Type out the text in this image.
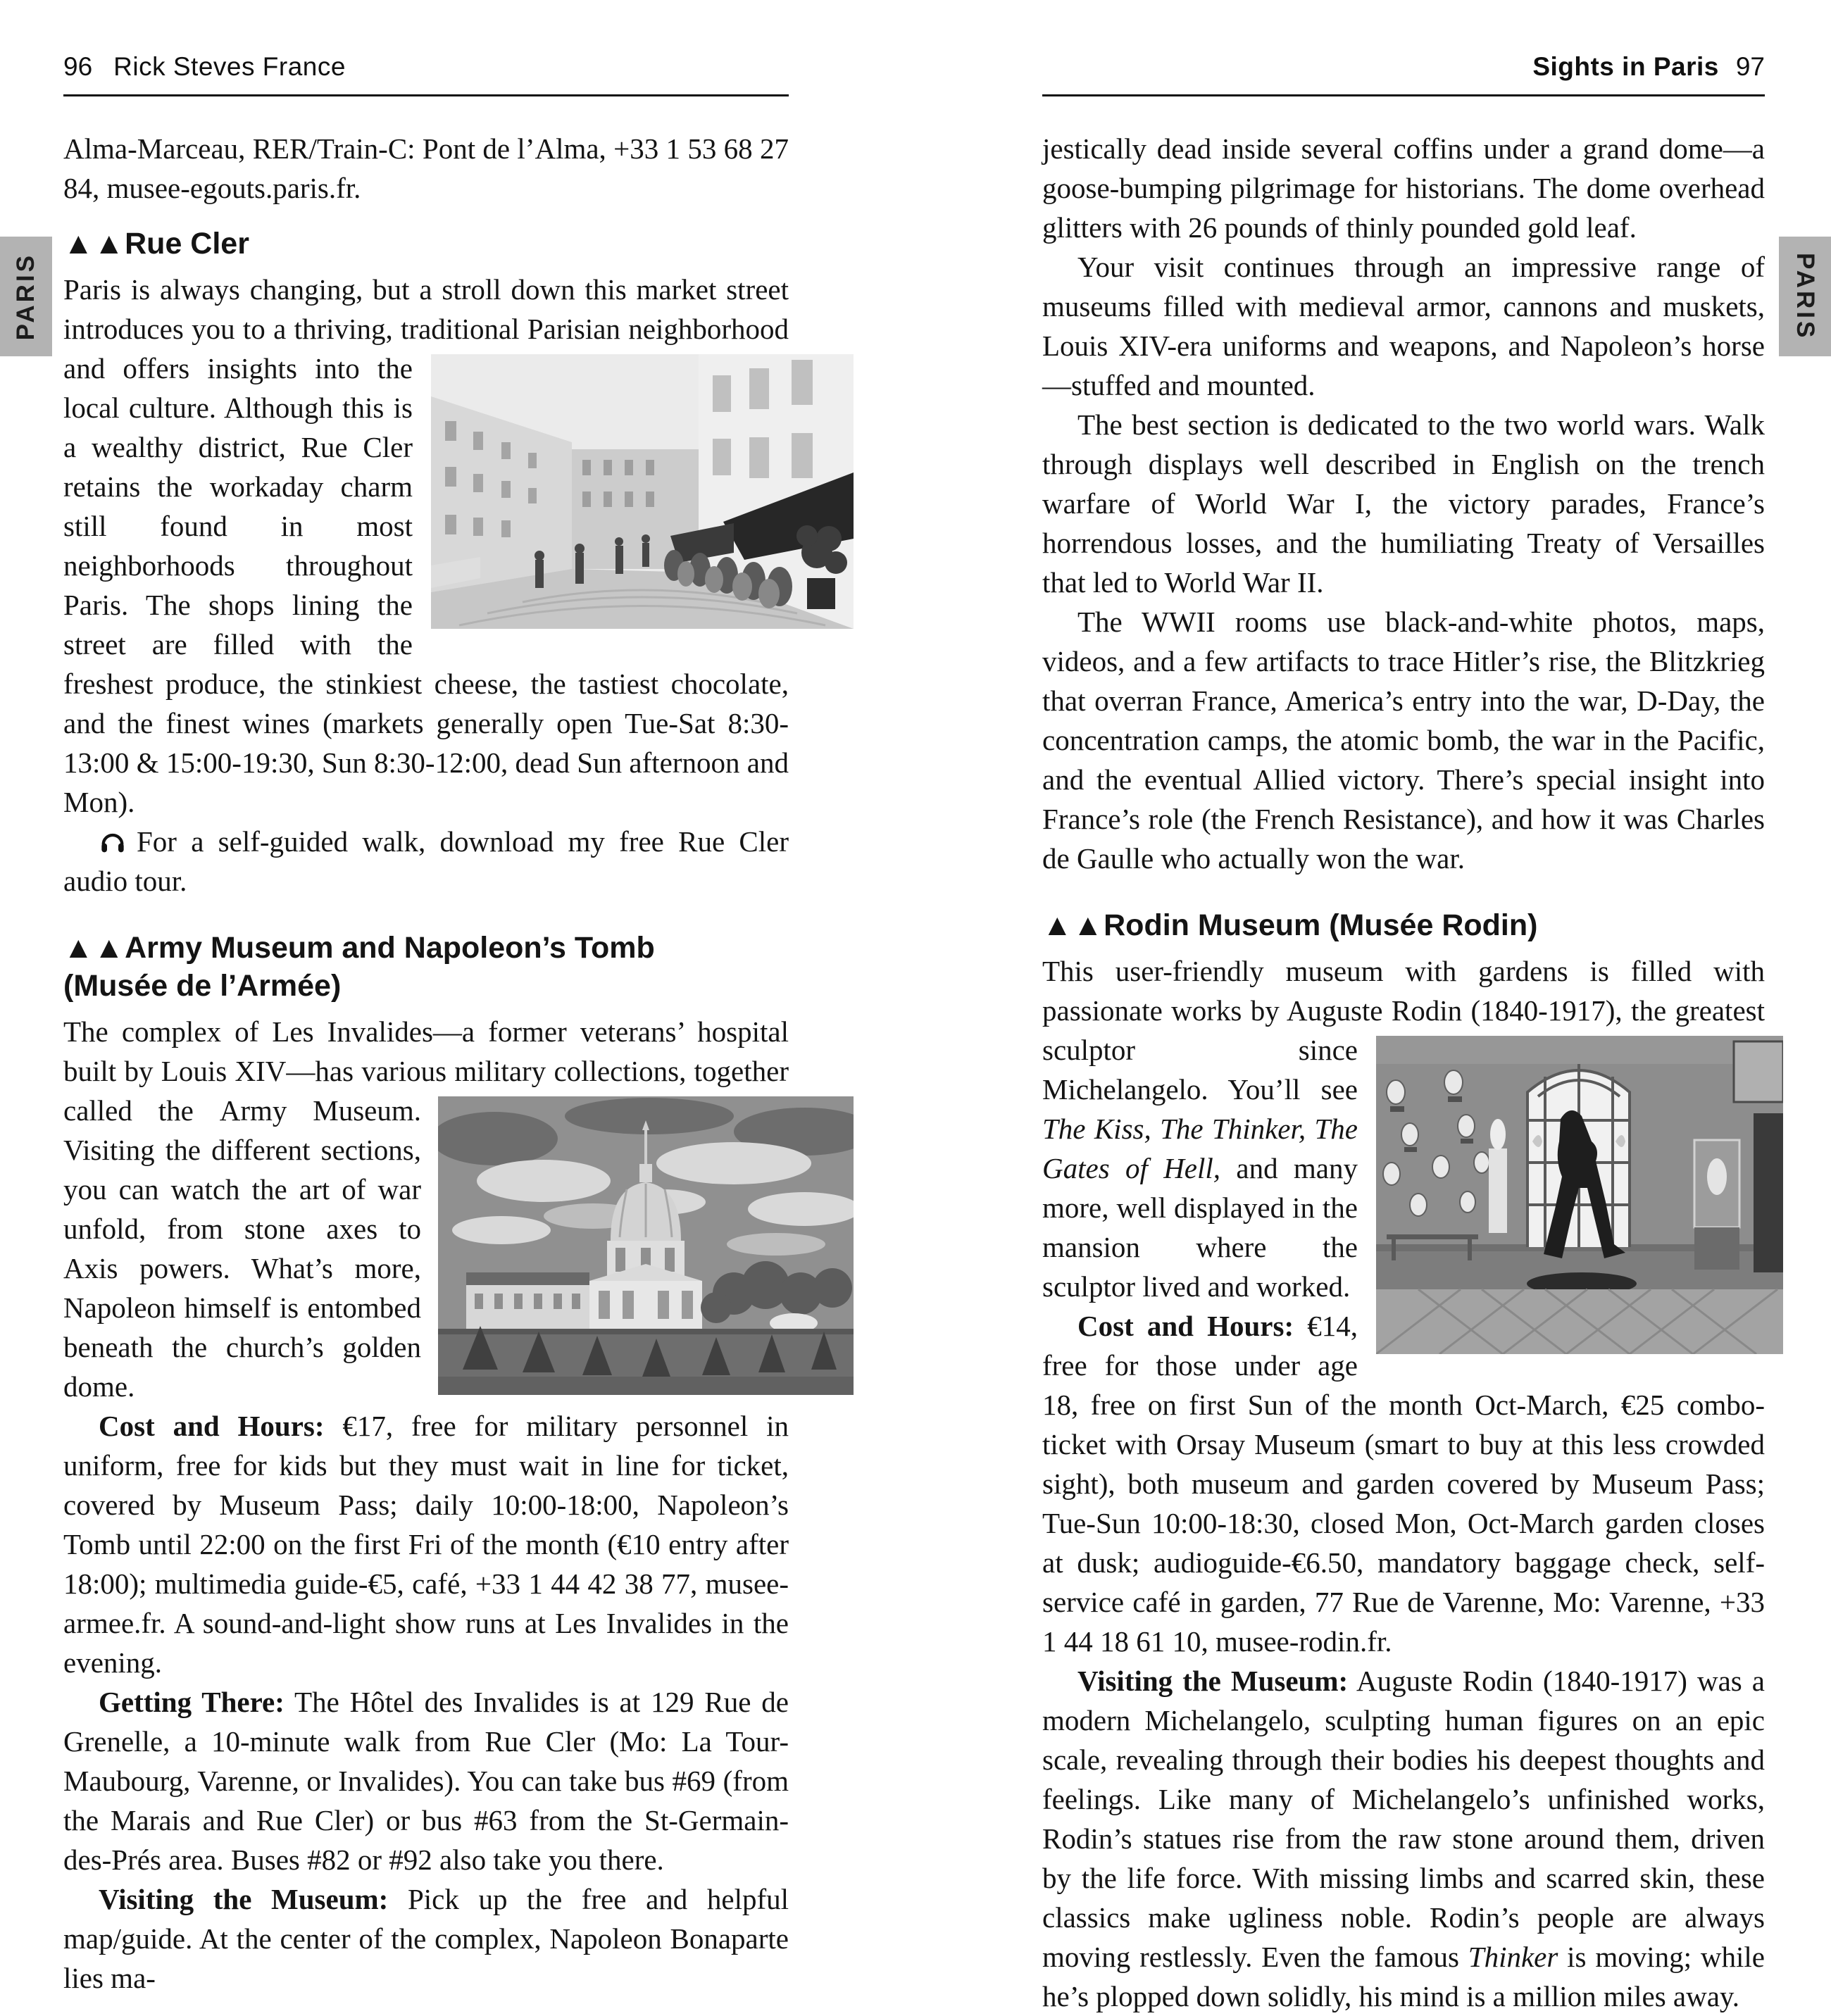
PARIS	PARIS
96 Rick Steves France

Alma-Marceau, RER/Train-C: Pont de l’Alma, +33 1 53 68 27 84, musee-egouts.paris.fr.

▲▲Rue Cler

Paris is always changing, but a stroll down this market street introduces you to a thriving, traditional Parisian neighborhood and
offers insights into the local culture. Although this is a wealthy district, Rue Cler retains the workaday charm still found in most neighborhoods throughout Paris. The shops lining the street are filled with the freshest produce, the stinkiest cheese, the tastiest chocolate, and the finest wines (markets generally open Tue-Sat 8:30-13:00 & 15:00-19:30, Sun 8:30-12:00, dead Sun afternoon and Mon).

For a self-guided walk, download my free Rue Cler audio tour.

▲▲Army Museum and Napoleon’s Tomb
(Musée de l’Armée)

The complex of Les Invalides—a former veterans’ hospital built by Louis XIV—has various military collections, together called the
Army Museum. Visiting the different sections, you can watch the art of war unfold, from stone axes to Axis powers. What’s more, Napoleon himself is entombed beneath the church’s golden dome.

Cost and Hours: €17, free for military personnel in uniform, free for kids but they must wait in line for ticket, covered by Museum Pass; daily 10:00-18:00, Napoleon’s Tomb until 22:00 on the first Fri of the month (€10 entry after 18:00); multimedia guide-€5, café, +33 1 44 42 38 77, musee-armee.fr. A sound-and-light show runs at Les Invalides in the evening.

Getting There: The Hôtel des Invalides is at 129 Rue de Grenelle, a 10-minute walk from Rue Cler (Mo: La Tour-Maubourg, Varenne, or Invalides). You can take bus #69 (from the Marais and Rue Cler) or bus #63 from the St-Germain-des-Prés area. Buses #82 or #92 also take you there.

Visiting the Museum: Pick up the free and helpful map/guide. At the center of the complex, Napoleon Bonaparte lies ma-

Sights in Paris 97

jestically dead inside several coffins under a grand dome—a goose-bumping pilgrimage for historians. The dome overhead glitters with 26 pounds of thinly pounded gold leaf.

Your visit continues through an impressive range of museums filled with medieval armor, cannons and muskets, Louis XIV-era uniforms and weapons, and Napoleon’s horse—stuffed and mounted.

The best section is dedicated to the two world wars. Walk through displays well described in English on the trench warfare of World War I, the victory parades, France’s horrendous losses, and the humiliating Treaty of Versailles that led to World War II.

The WWII rooms use black-and-white photos, maps, videos, and a few artifacts to trace Hitler’s rise, the Blitzkrieg that overran France, America’s entry into the war, D-Day, the concentration camps, the atomic bomb, the war in the Pacific, and the eventual Allied victory. There’s special insight into France’s role (the French Resistance), and how it was Charles de Gaulle who actually won the war.

▲▲Rodin Museum (Musée Rodin)

This user-friendly museum with gardens is filled with passionate works by Auguste Rodin (1840-1917), the greatest sculptor since
Michelangelo. You’ll see The Kiss, The Thinker, The Gates of Hell, and many more, well displayed in the mansion where the sculptor lived and worked.

Cost and Hours: €14, free for those under age 18, free on first Sun of the month Oct-March, €25 combo-ticket with Orsay Museum (smart to buy at this less crowded sight), both museum and garden covered by Museum Pass; Tue-Sun 10:00-18:30, closed Mon, Oct-March garden closes at dusk; audioguide-€6.50, mandatory baggage check, self-service café in garden, 77 Rue de Varenne, Mo: Varenne, +33 1 44 18 61 10, musee-rodin.fr.

Visiting the Museum: Auguste Rodin (1840-1917) was a modern Michelangelo, sculpting human figures on an epic scale, revealing through their bodies his deepest thoughts and feelings. Like many of Michelangelo’s unfinished works, Rodin’s statues rise from the raw stone around them, driven by the life force. With missing limbs and scarred skin, these classics make ugliness noble. Rodin’s people are always moving restlessly. Even the famous Thinker is moving; while he’s plopped down solidly, his mind is a million miles away.
